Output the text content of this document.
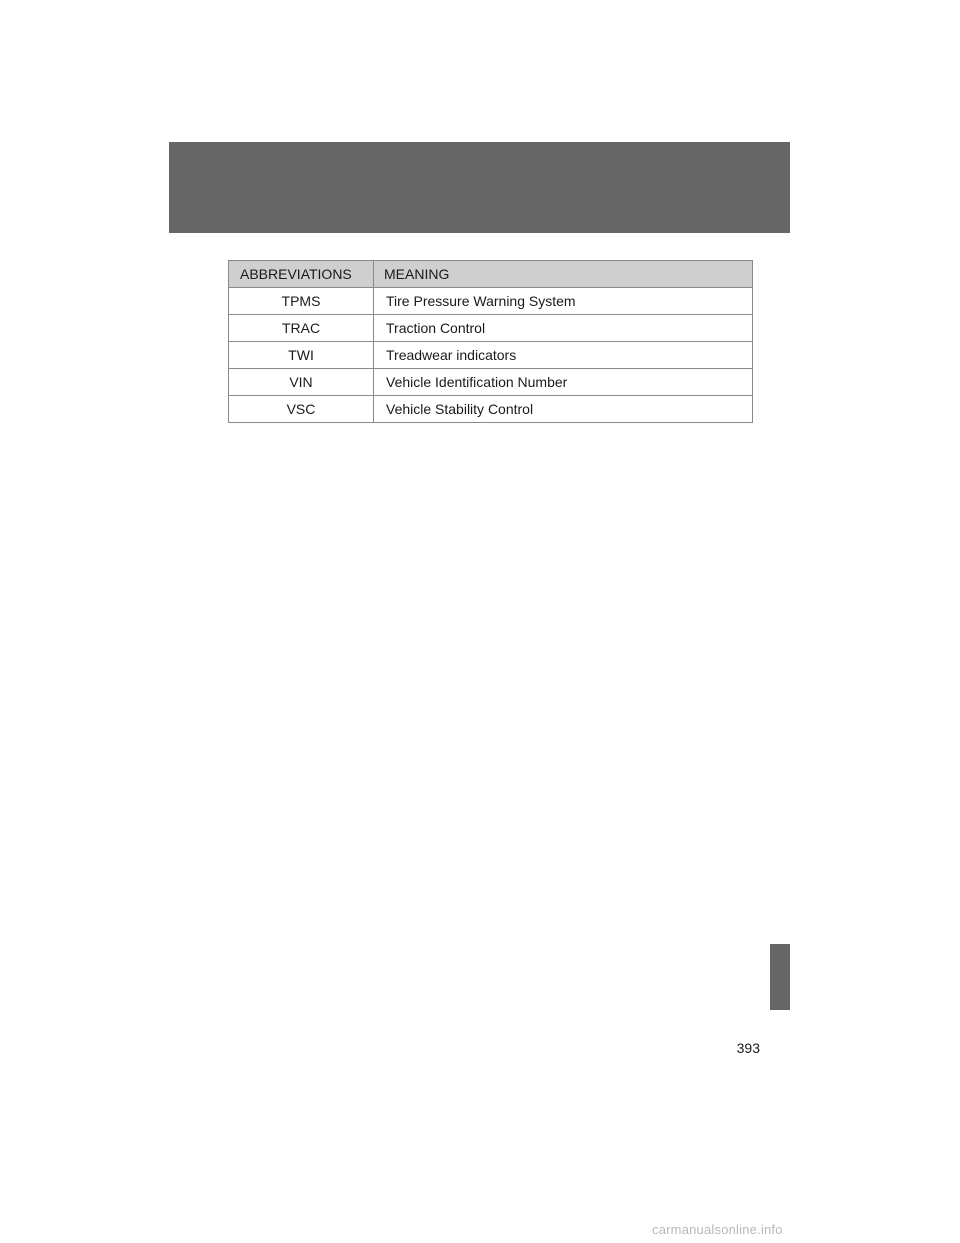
ABBREVIATIONS	MEANING
TPMS	Tire Pressure Warning System
TRAC	Traction Control
TWI	Treadwear indicators
VIN	Vehicle Identification Number
VSC	Vehicle Stability Control
393
carmanualsonline.info
